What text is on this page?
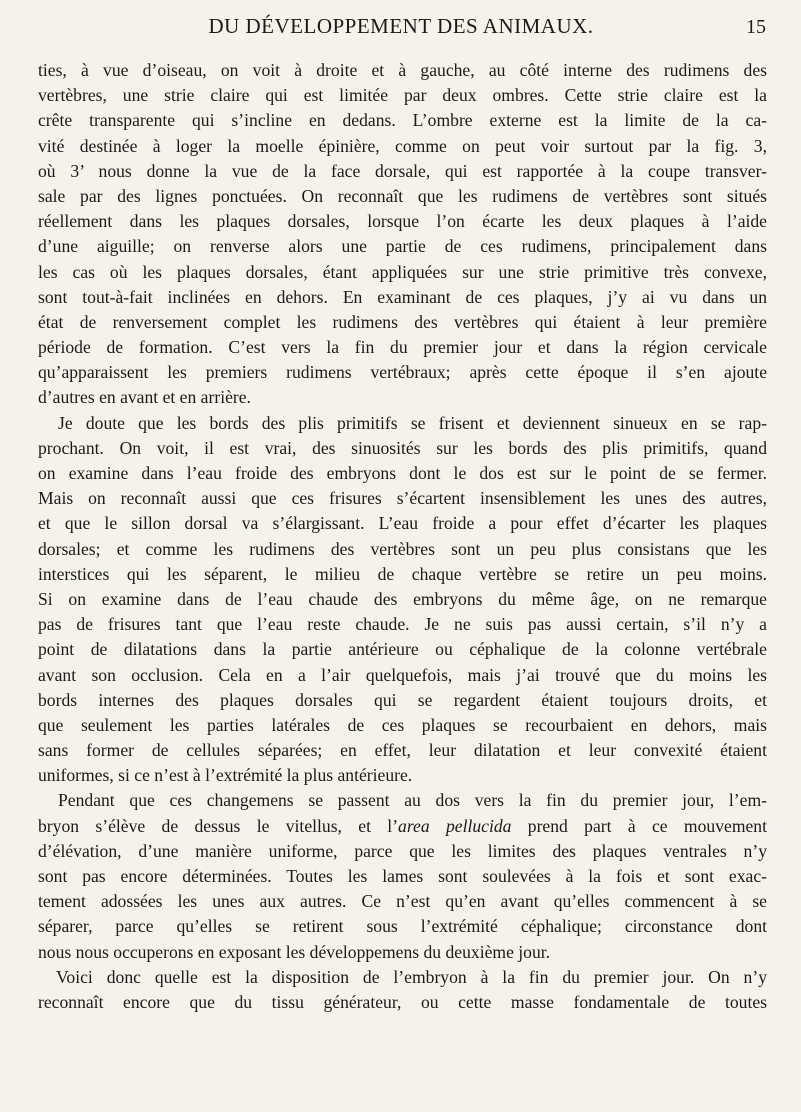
DU DÉVELOPPEMENT DES ANIMAUX.	15
ties, à vue d’oiseau, on voit à droite et à gauche, au côté interne des rudimens des
vertèbres, une strie claire qui est limitée par deux ombres. Cette strie claire est la
crête transparente qui s’incline en dedans. L’ombre externe est la limite de la ca-
vité destinée à loger la moelle épinière, comme on peut voir surtout par la fig. 3,
où 3’ nous donne la vue de la face dorsale, qui est rapportée à la coupe transver-
sale par des lignes ponctuées. On reconnaît que les rudimens de vertèbres sont situés
réellement dans les plaques dorsales, lorsque l’on écarte les deux plaques à l’aide
d’une aiguille; on renverse alors une partie de ces rudimens, principalement dans
les cas où les plaques dorsales, étant appliquées sur une strie primitive très convexe,
sont tout-à-fait inclinées en dehors. En examinant de ces plaques, j’y ai vu dans un
état de renversement complet les rudimens des vertèbres qui étaient à leur première
période de formation. C’est vers la fin du premier jour et dans la région cervicale
qu’apparaissent les premiers rudimens vertébraux; après cette époque il s’en ajoute
d’autres en avant et en arrière.
Je doute que les bords des plis primitifs se frisent et deviennent sinueux en se rap-
prochant. On voit, il est vrai, des sinuosités sur les bords des plis primitifs, quand
on examine dans l’eau froide des embryons dont le dos est sur le point de se fermer.
Mais on reconnaît aussi que ces frisures s’écartent insensiblement les unes des autres,
et que le sillon dorsal va s’élargissant. L’eau froide a pour effet d’écarter les plaques
dorsales; et comme les rudimens des vertèbres sont un peu plus consistans que les
interstices qui les séparent, le milieu de chaque vertèbre se retire un peu moins.
Si on examine dans de l’eau chaude des embryons du même âge, on ne remarque
pas de frisures tant que l’eau reste chaude. Je ne suis pas aussi certain, s’il n’y a
point de dilatations dans la partie antérieure ou céphalique de la colonne vertébrale
avant son occlusion. Cela en a l’air quelquefois, mais j’ai trouvé que du moins les
bords internes des plaques dorsales qui se regardent étaient toujours droits, et
que seulement les parties latérales de ces plaques se recourbaient en dehors, mais
sans former de cellules séparées; en effet, leur dilatation et leur convexité étaient
uniformes, si ce n’est à l’extrémité la plus antérieure.
Pendant que ces changemens se passent au dos vers la fin du premier jour, l’em-
bryon s’élève de dessus le vitellus, et l’area pellucida prend part à ce mouvement
d’élévation, d’une manière uniforme, parce que les limites des plaques ventrales n’y
sont pas encore déterminées. Toutes les lames sont soulevées à la fois et sont exac-
tement adossées les unes aux autres. Ce n’est qu’en avant qu’elles commencent à se
séparer, parce qu’elles se retirent sous l’extrémité céphalique; circonstance dont
nous nous occuperons en exposant les développemens du deuxième jour.
Voici donc quelle est la disposition de l’embryon à la fin du premier jour. On n’y
reconnaît encore que du tissu générateur, ou cette masse fondamentale de toutes
